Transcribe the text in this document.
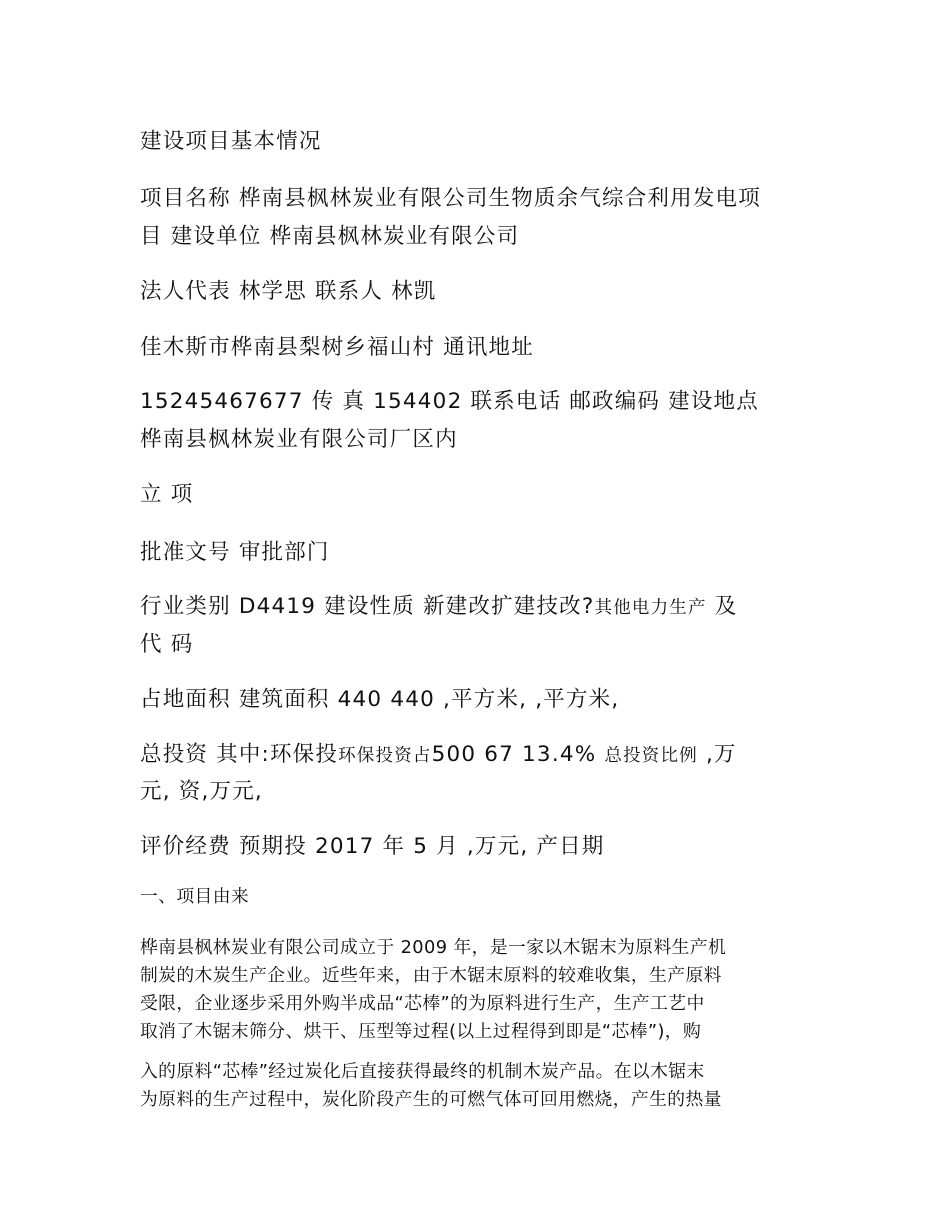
建设项目基本情况

项目名称 桦南县枫林炭业有限公司生物质余气综合利用发电项

目 建设单位 桦南县枫林炭业有限公司

法人代表 林学思 联系人 林凯

佳木斯市桦南县梨树乡福山村 通讯地址

15245467677 传 真 154402 联系电话 邮政编码 建设地点

桦南县枫林炭业有限公司厂区内

立 项

批准文号 审批部门

行业类别 D4419 建设性质 新建改扩建技改?其他电力生产 及

代 码

占地面积 建筑面积 440 440 ,平方米, ,平方米,

总投资 其中:环保投环保投资占500 67 13.4% 总投资比例 ,万

元, 资,万元,

评价经费 预期投 2017 年 5 月 ,万元, 产日期

一、项目由来

桦南县枫林炭业有限公司成立于 2009 年，是一家以木锯末为原料生产机

制炭的木炭生产企业。近些年来，由于木锯末原料的较难收集，生产原料

受限，企业逐步采用外购半成品“芯棒”的为原料进行生产，生产工艺中

取消了木锯末筛分、烘干、压型等过程(以上过程得到即是“芯棒”)，购

入的原料“芯棒”经过炭化后直接获得最终的机制木炭产品。在以木锯末

为原料的生产过程中，炭化阶段产生的可燃气体可回用燃烧，产生的热量
